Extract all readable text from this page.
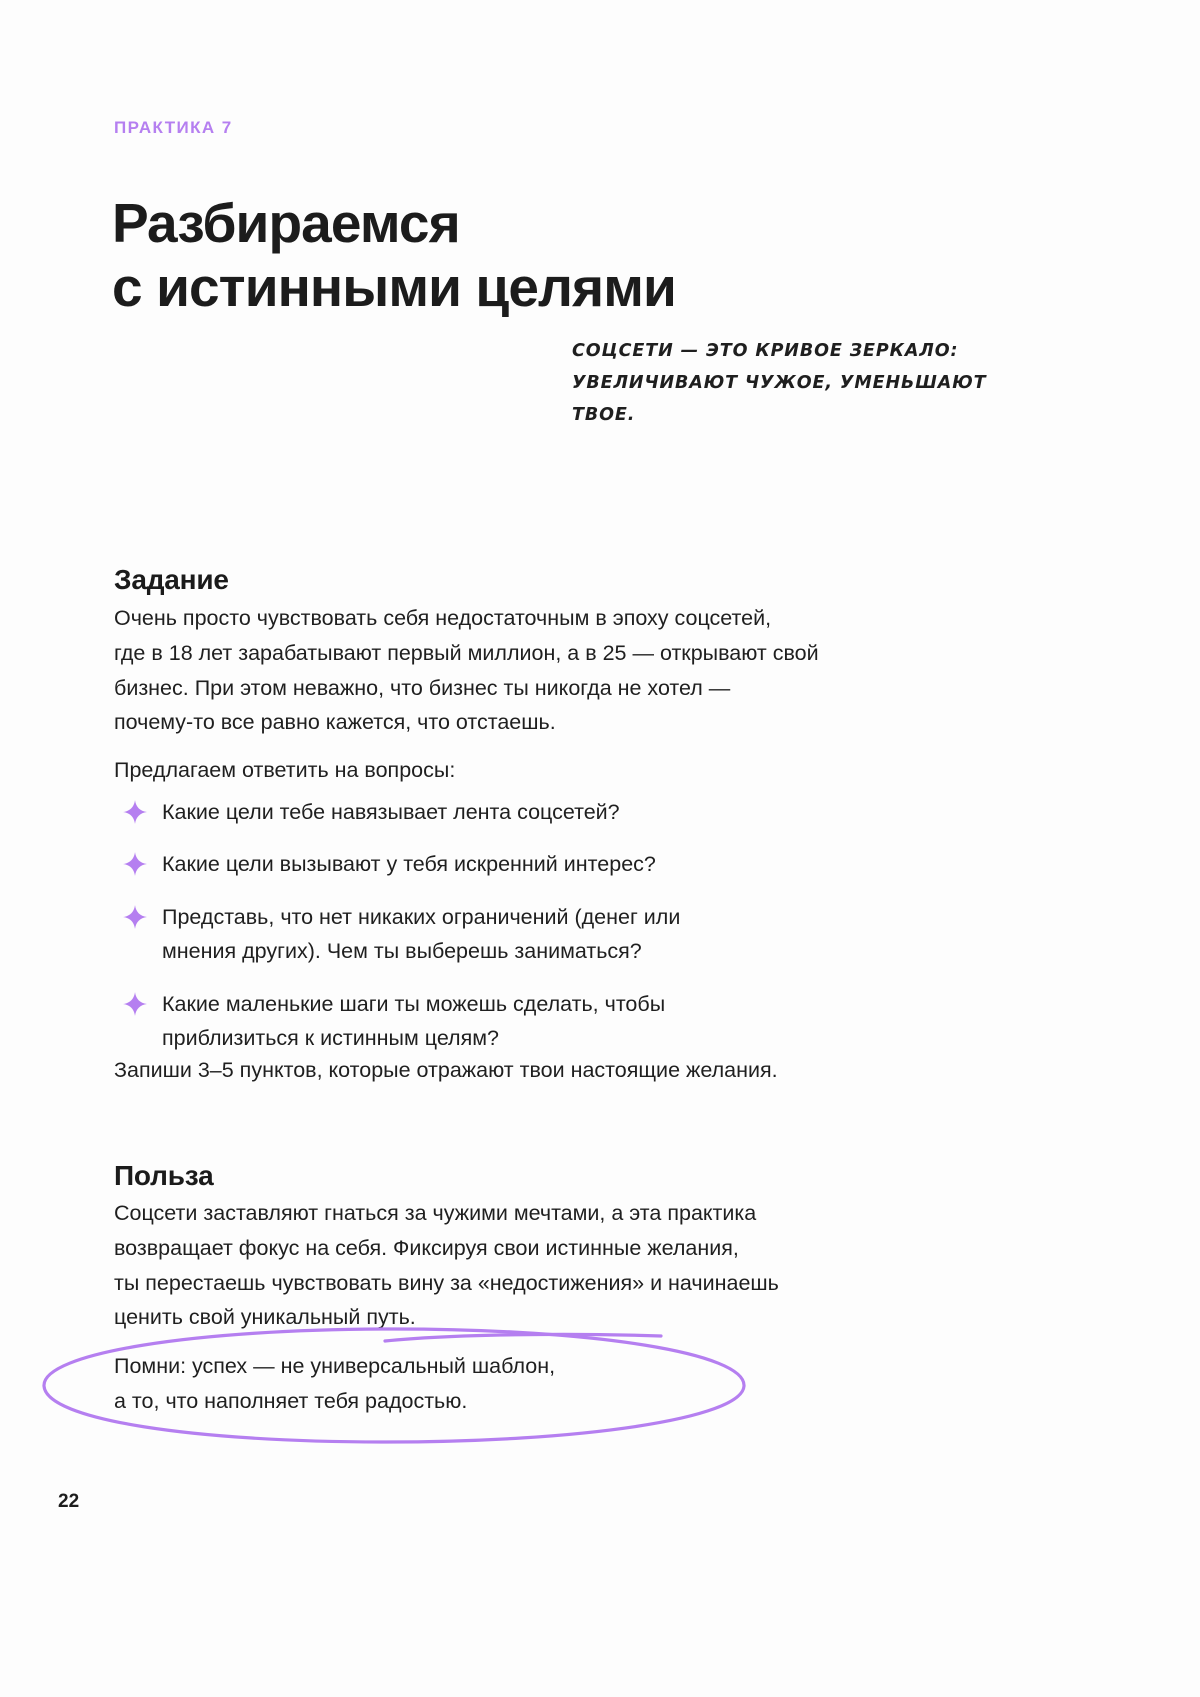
ПРАКТИКА 7
Разбираемся
с истинными целями
СОЦСЕТИ — ЭТО КРИВОЕ ЗЕРКАЛО:
УВЕЛИЧИВАЮТ ЧУЖОЕ, УМЕНЬШАЮТ
ТВОЕ.
Задание
Очень просто чувствовать себя недостаточным в эпоху соцсетей,
где в 18 лет зарабатывают первый миллион, а в 25 — открывают свой
бизнес. При этом неважно, что бизнес ты никогда не хотел —
почему-то все равно кажется, что отстаешь.
Предлагаем ответить на вопросы:
Какие цели тебе навязывает лента соцсетей?
Какие цели вызывают у тебя искренний интерес?
Представь, что нет никаких ограничений (денег или
мнения других). Чем ты выберешь заниматься?
Какие маленькие шаги ты можешь сделать, чтобы
приблизиться к истинным целям?
Запиши 3–5 пунктов, которые отражают твои настоящие желания.
Польза
Соцсети заставляют гнаться за чужими мечтами, а эта практика
возвращает фокус на себя. Фиксируя свои истинные желания,
ты перестаешь чувствовать вину за «недостижения» и начинаешь
ценить свой уникальный путь.
Помни: успех — не универсальный шаблон,
а то, что наполняет тебя радостью.
22
